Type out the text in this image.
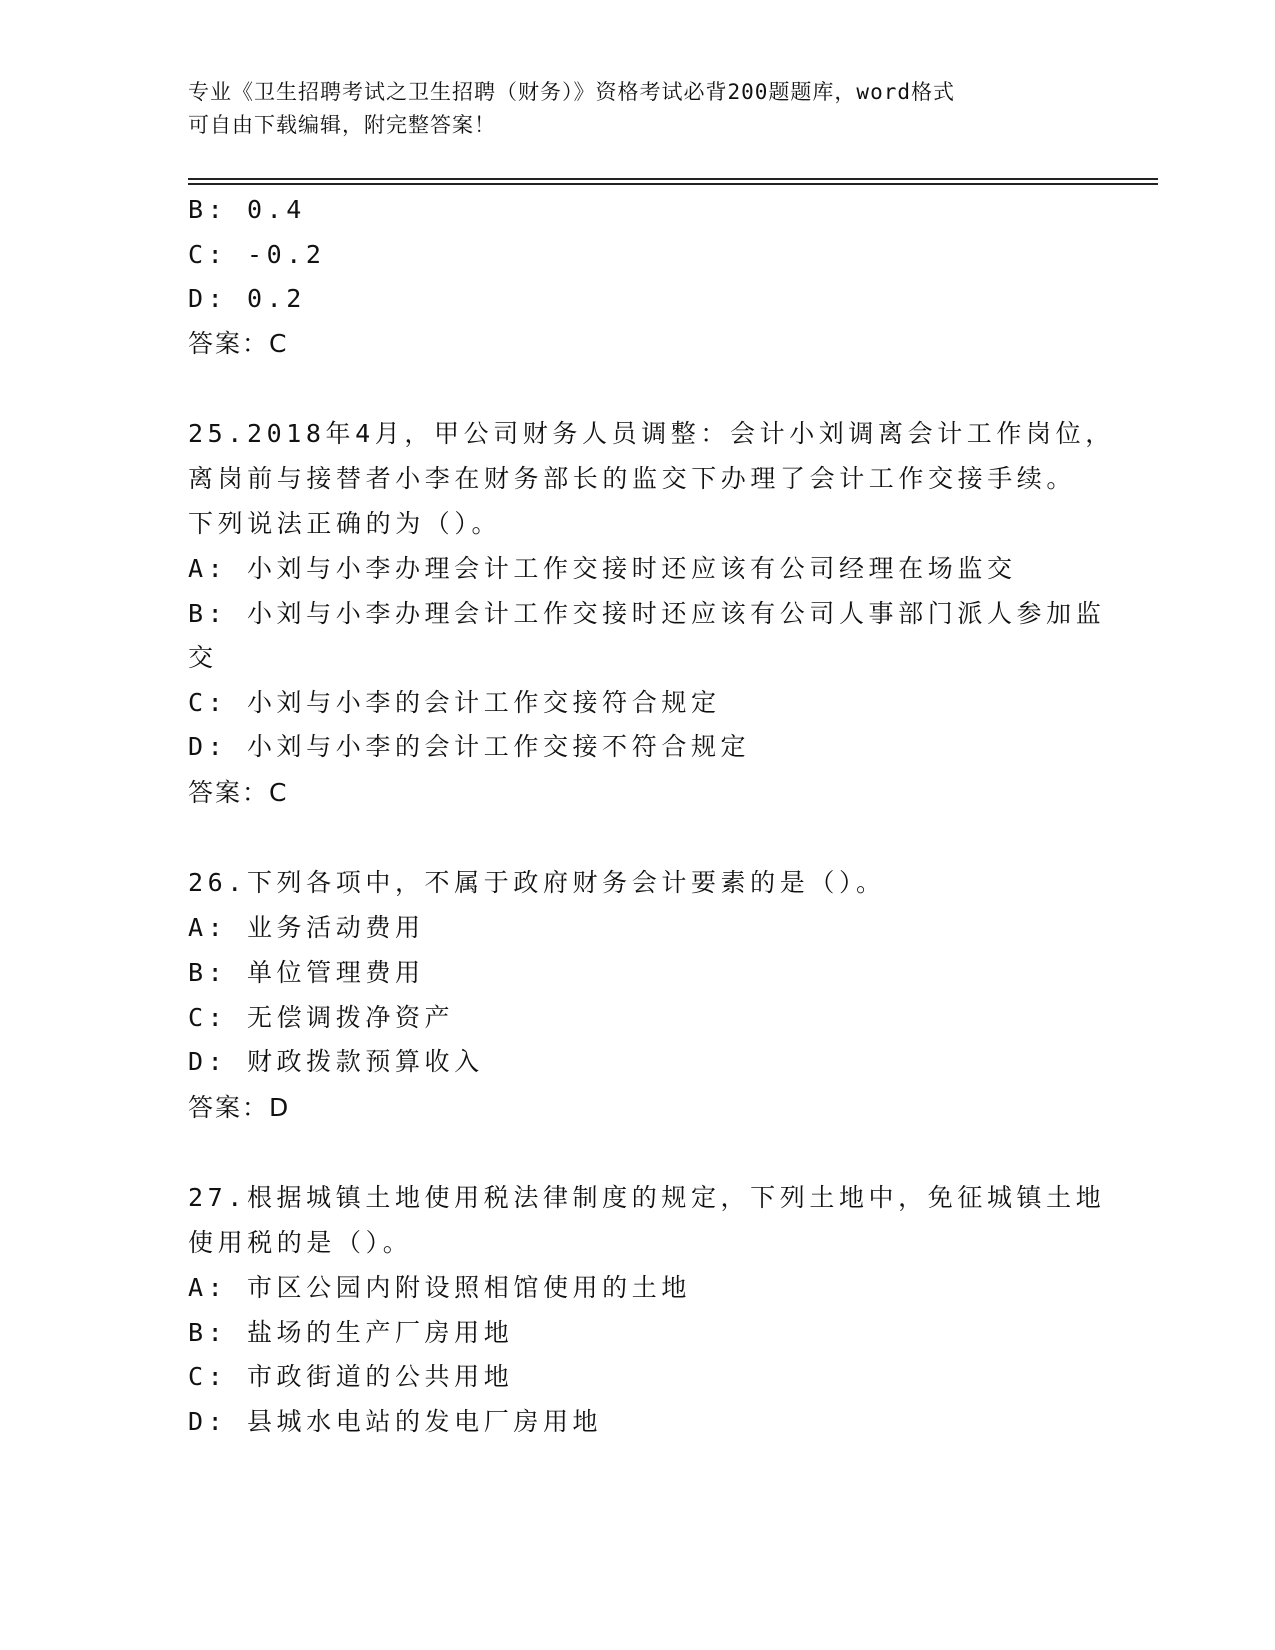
专业《卫生招聘考试之卫生招聘（财务）》资格考试必背200题题库，word格式
可自由下载编辑，附完整答案！
B: 0.4
C: -0.2
D: 0.2
答案：C
25.2018年4月，甲公司财务人员调整：会计小刘调离会计工作岗位，
离岗前与接替者小李在财务部长的监交下办理了会计工作交接手续。
下列说法正确的为（）。
A: 小刘与小李办理会计工作交接时还应该有公司经理在场监交
B: 小刘与小李办理会计工作交接时还应该有公司人事部门派人参加监
交
C: 小刘与小李的会计工作交接符合规定
D: 小刘与小李的会计工作交接不符合规定
答案：C
26.下列各项中，不属于政府财务会计要素的是（）。
A: 业务活动费用
B: 单位管理费用
C: 无偿调拨净资产
D: 财政拨款预算收入
答案：D
27.根据城镇土地使用税法律制度的规定，下列土地中，免征城镇土地
使用税的是（）。
A: 市区公园内附设照相馆使用的土地
B: 盐场的生产厂房用地
C: 市政街道的公共用地
D: 县城水电站的发电厂房用地
